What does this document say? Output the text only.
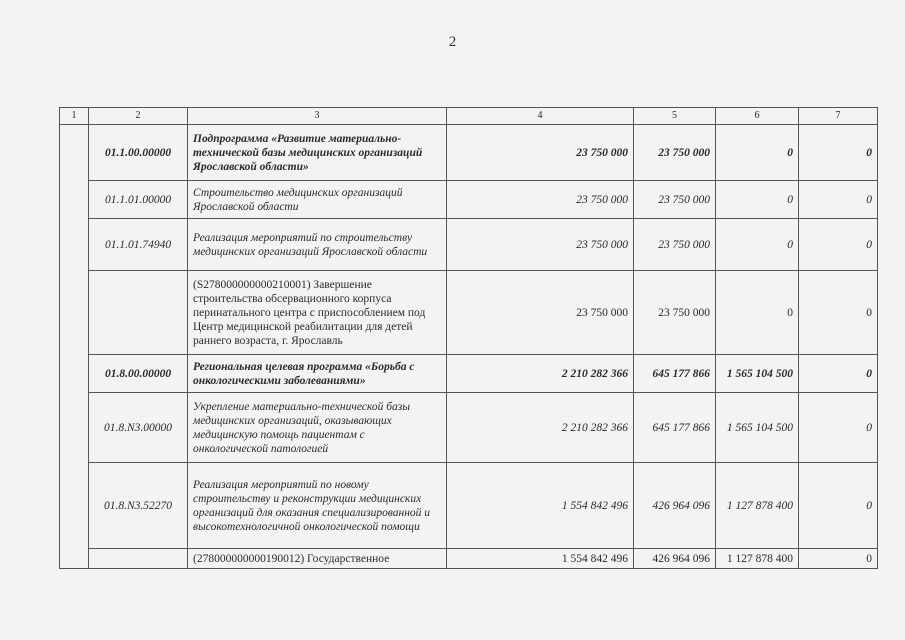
2
1	2	3	4	5	6	7
	01.1.00.00000	Подпрограмма «Развитие материально-технической базы медицинских организаций Ярославской области»	23 750 000	23 750 000	0	0
	01.1.01.00000	Строительство медицинских организаций Ярославской области	23 750 000	23 750 000	0	0
	01.1.01.74940	Реализация мероприятий по строительству медицинских организаций Ярославской области	23 750 000	23 750 000	0	0
		(S278000000000210001) Завершение строительства обсервационного корпуса перинатального центра с приспособлением под Центр медицинской реабилитации для детей раннего возраста, г. Ярославль	23 750 000	23 750 000	0	0
	01.8.00.00000	Региональная целевая программа «Борьба с онкологическими заболеваниями»	2 210 282 366	645 177 866	1 565 104 500	0
	01.8.N3.00000	Укрепление материально-технической базы медицинских организаций, оказывающих медицинскую помощь пациентам с онкологической патологией	2 210 282 366	645 177 866	1 565 104 500	0
	01.8.N3.52270	Реализация мероприятий по новому строительству и реконструкции медицинских организаций для оказания специализированной и высокотехнологичной онкологической помощи	1 554 842 496	426 964 096	1 127 878 400	0
		(278000000000190012) Государственное	1 554 842 496	426 964 096	1 127 878 400	0
